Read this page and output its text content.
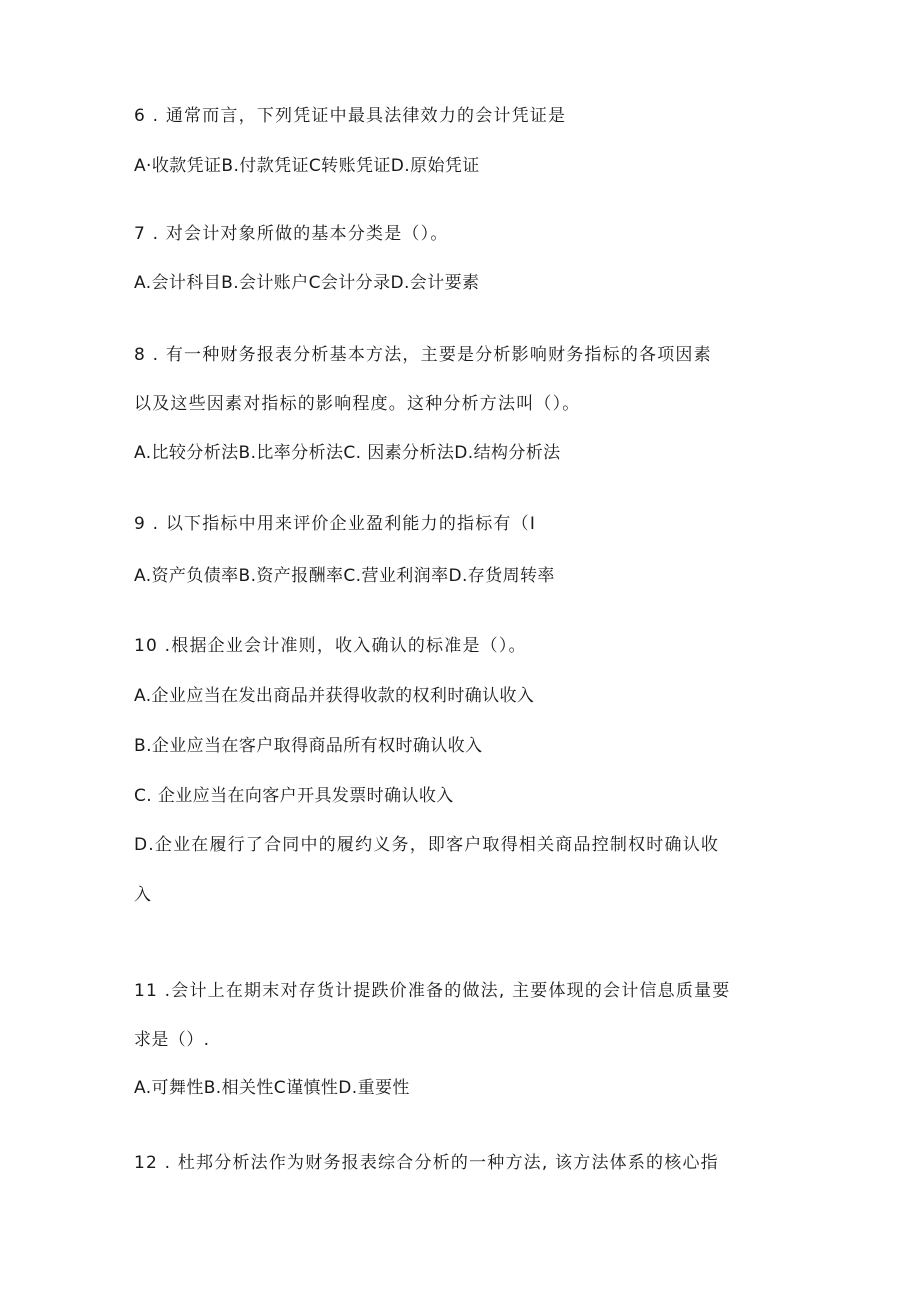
6 . 通常而言，下列凭证中最具法律效力的会计凭证是
A·收款凭证B.付款凭证C转账凭证D.原始凭证
7 . 对会计对象所做的基本分类是（）。
A.会计科目B.会计账户C会计分录D.会计要素
8 . 有一种财务报表分析基本方法，主要是分析影响财务指标的各项因素
以及这些因素对指标的影响程度。这种分析方法叫（）。
A.比较分析法B.比率分析法C. 因素分析法D.结构分析法
9 . 以下指标中用来评价企业盈利能力的指标有（I
A.资产负债率B.资产报酬率C.营业利润率D.存货周转率
10 .根据企业会计准则，收入确认的标准是（）。
A.企业应当在发出商品并获得收款的权利时确认收入
B.企业应当在客户取得商品所有权时确认收入
C. 企业应当在向客户开具发票时确认收入
D.企业在履行了合同中的履约义务，即客户取得相关商品控制权时确认收
入
11 .会计上在期末对存货计提跌价准备的做法, 主要体现的会计信息质量要
求是（）.
A.可舞性B.相关性C谨慎性D.重要性
12 . 杜邦分析法作为财务报表综合分析的一种方法, 该方法体系的核心指
